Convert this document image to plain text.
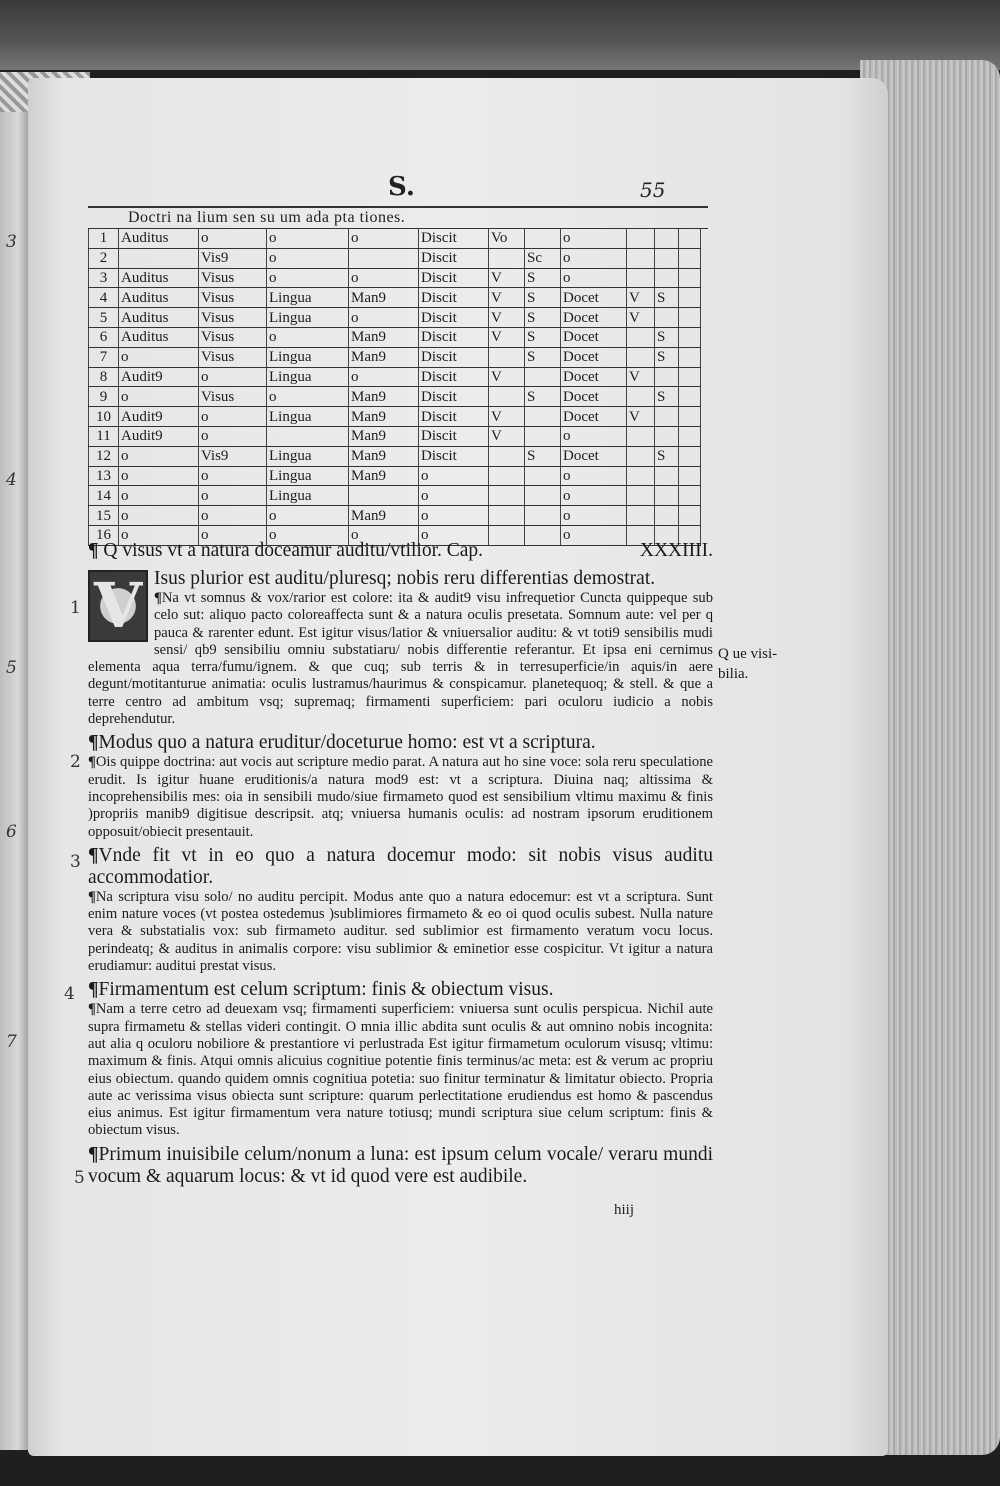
3
4
5
6
7
S.	55
Doctri na lium sen su um ada pta tiones.
1	Auditus	o	o	o	Discit	Vo		o			
2		Vis9	o		Discit		Sc	o			
3	Auditus	Visus	o	o	Discit	V	S	o			
4	Auditus	Visus	Lingua	Man9	Discit	V	S	Docet	V	S	
5	Auditus	Visus	Lingua	o	Discit	V	S	Docet	V		
6	Auditus	Visus	o	Man9	Discit	V	S	Docet		S	
7	o	Visus	Lingua	Man9	Discit		S	Docet		S	
8	Audit9	o	Lingua	o	Discit	V		Docet	V		
9	o	Visus	o	Man9	Discit		S	Docet		S	
10	Audit9	o	Lingua	Man9	Discit	V		Docet	V		
11	Audit9	o		Man9	Discit	V		o			
12	o	Vis9	Lingua	Man9	Discit		S	Docet		S	
13	o	o	Lingua	Man9	o			o			
14	o	o	Lingua		o			o			
15	o	o	o	Man9	o			o			
16	o	o	o	o	o			o			
¶ Q visus vt a natura doceamur auditu/vtilior. Cap.	XXXIIII.
1
2
3
4
5

V Isus plurior est auditu/pluresq; nobis reru differentias demostrat.

¶Na vt somnus & vox/rarior est colore: ita & audit9 visu infrequetior Cuncta quippeque sub celo sut: aliquo pacto coloreaffecta sunt & a natura oculis presetata. Somnum aute: vel per q pauca & rarenter edunt. Est igitur visus/latior & vniuersalior auditu: & vt toti9 sensibilis mudi sensi/ qb9 sensibiliu omniu substatiaru/ nobis differentie referantur. Et ipsa eni cernimus elementa aqua terra/fumu/ignem. & que cuq; sub terris & in terresuperficie/in aquis/in aere degunt/motitanturue animatia: oculis lustramus/haurimus & conspicamur. planetequoq; & stell. & que a terre centro ad ambitum vsq; supremaq; firmamenti superficiem: pari oculoru iudicio a nobis deprehendutur.

¶Modus quo a natura eruditur/doceturue homo: est vt a scriptura.

¶Ois quippe doctrina: aut vocis aut scripture medio parat. A natura aut ho sine voce: sola reru speculatione erudit. Is igitur huane eruditionis/a natura mod9 est: vt a scriptura. Diuina naq; altissima & incoprehensibilis mes: oia in sensibili mudo/siue firmameto quod est sensibilium vltimu maximu & finis )propriis manib9 digitisue descripsit. atq; vniuersa humanis oculis: ad nostram ipsorum eruditionem opposuit/obiecit presentauit.

¶Vnde fit vt in eo quo a natura docemur modo: sit nobis visus auditu accommodatior.

¶Na scriptura visu solo/ no auditu percipit. Modus ante quo a natura edocemur: est vt a scriptura. Sunt enim nature voces (vt postea ostedemus )sublimiores firmameto & eo oi quod oculis subest. Nulla nature vera & substatialis vox: sub firmameto auditur. sed sublimior est firmamento veratum vocu locus. perindeatq; & auditus in animalis corpore: visu sublimior & eminetior esse cospicitur. Vt igitur a natura erudiamur: auditui prestat visus.

¶Firmamentum est celum scriptum: finis & obiectum visus.

¶Nam a terre cetro ad deuexam vsq; firmamenti superficiem: vniuersa sunt oculis perspicua. Nichil aute supra firmametu & stellas videri contingit. O mnia illic abdita sunt oculis & aut omnino nobis incognita: aut alia q oculoru nobiliore & prestantiore vi perlustrada Est igitur firmametum oculorum visusq; vltimu: maximum & finis. Atqui omnis alicuius cognitiue potentie finis terminus/ac meta: est & verum ac propriu eius obiectum. quando quidem omnis cognitiua potetia: suo finitur terminatur & limitatur obiecto. Propria aute ac verissima visus obiecta sunt scripture: quarum perlectitatione erudiendus est homo & pascendus eius animus. Est igitur firmamentum vera nature totiusq; mundi scriptura siue celum scriptum: finis & obiectum visus.

¶Primum inuisibile celum/nonum a luna: est ipsum celum vocale/ veraru mundi vocum & aquarum locus: & vt id quod vere est audibile.

Q ue visi-
bilia.
hiij
